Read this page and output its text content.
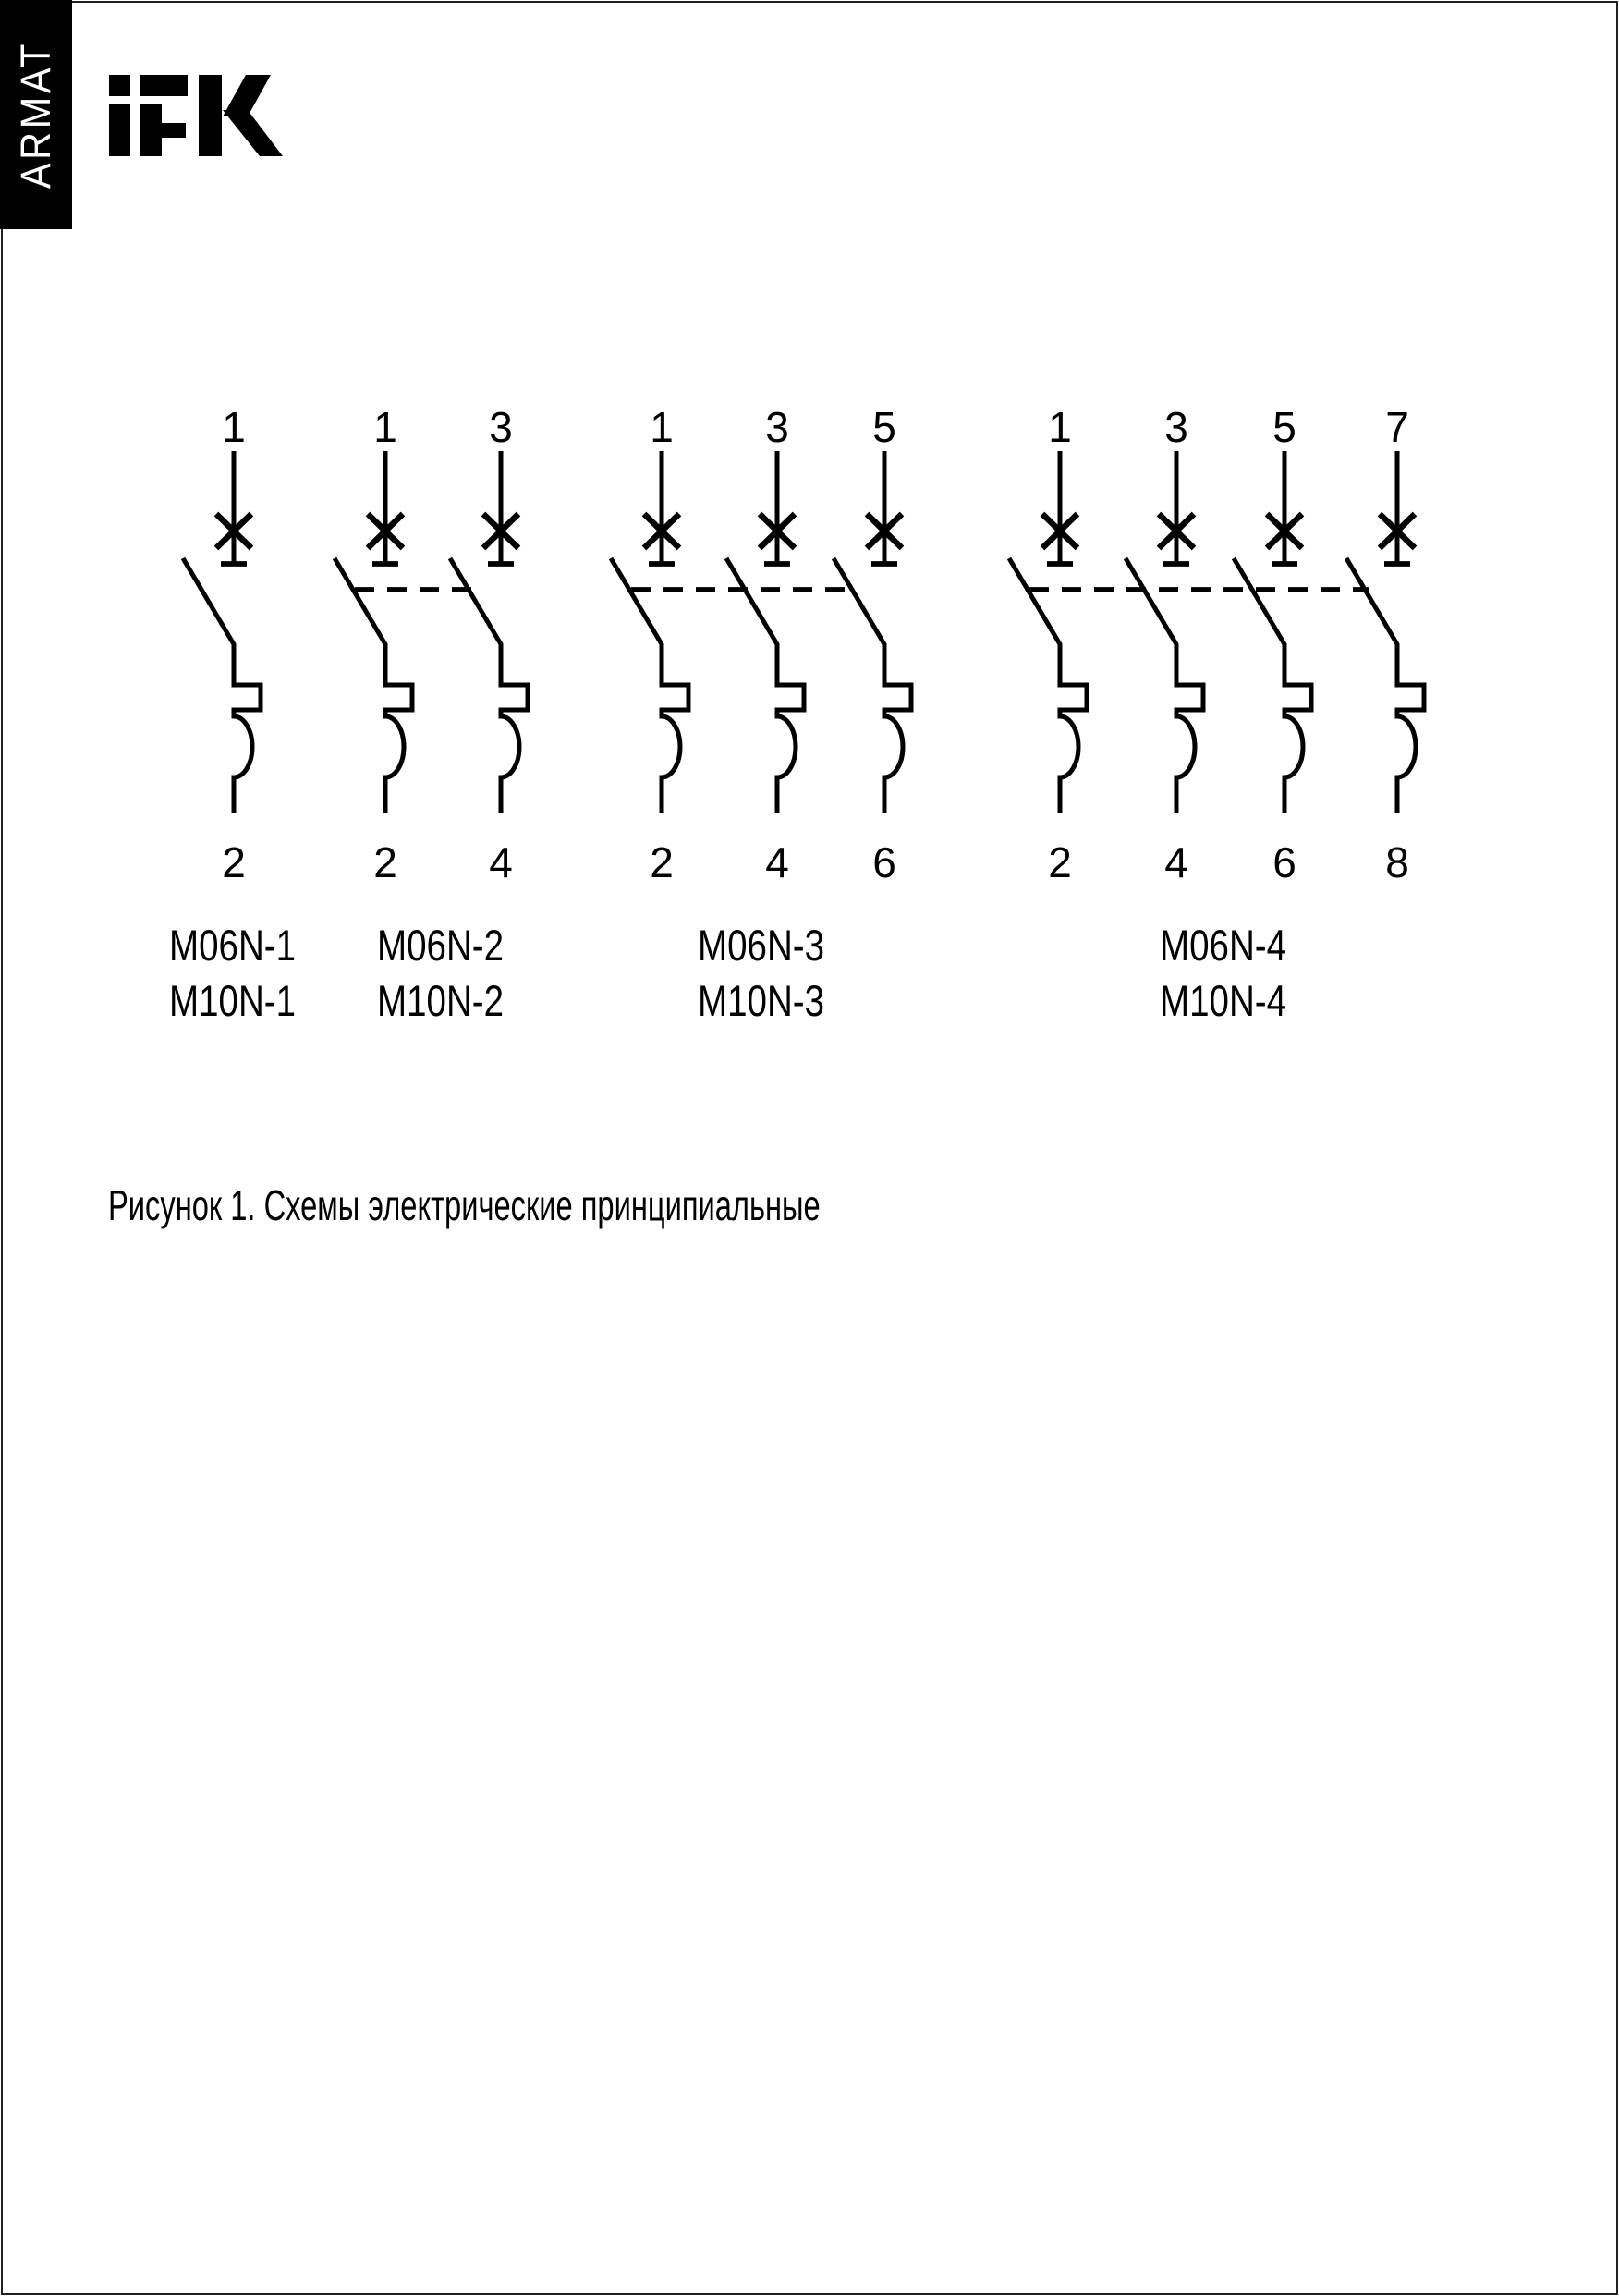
ARMAT
1
2
1
2
3
4
1
2
3
4
5
6
1
2
3
4
5
6
7
8
M06N-1
M10N-1
M06N-2
M10N-2
M06N-3
M10N-3
M06N-4
M10N-4
Рисунок 1. Схемы электрические принципиальные
